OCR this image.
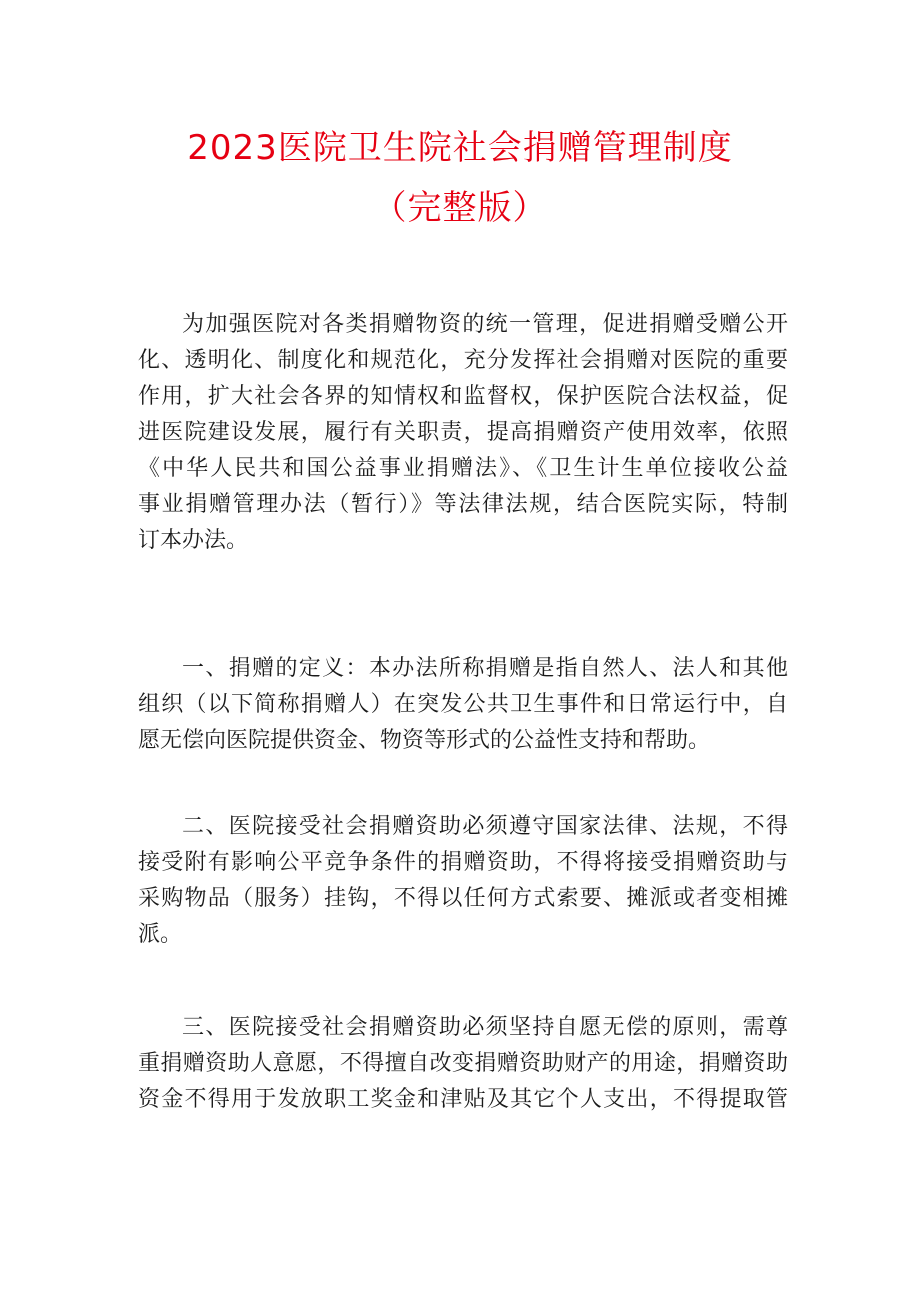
2023医院卫生院社会捐赠管理制度
（完整版）
为加强医院对各类捐赠物资的统一管理，促进捐赠受赠公开
化、透明化、制度化和规范化，充分发挥社会捐赠对医院的重要
作用，扩大社会各界的知情权和监督权，保护医院合法权益，促
进医院建设发展，履行有关职责，提高捐赠资产使用效率，依照
《中华人民共和国公益事业捐赠法》、《卫生计生单位接收公益
事业捐赠管理办法（暂行）》等法律法规，结合医院实际，特制
订本办法。
一、捐赠的定义：本办法所称捐赠是指自然人、法人和其他
组织（以下简称捐赠人）在突发公共卫生事件和日常运行中，自
愿无偿向医院提供资金、物资等形式的公益性支持和帮助。
二、医院接受社会捐赠资助必须遵守国家法律、法规，不得
接受附有影响公平竞争条件的捐赠资助，不得将接受捐赠资助与
采购物品（服务）挂钩，不得以任何方式索要、摊派或者变相摊
派。
三、医院接受社会捐赠资助必须坚持自愿无偿的原则，需尊
重捐赠资助人意愿，不得擅自改变捐赠资助财产的用途，捐赠资助
资金不得用于发放职工奖金和津贴及其它个人支出，不得提取管
